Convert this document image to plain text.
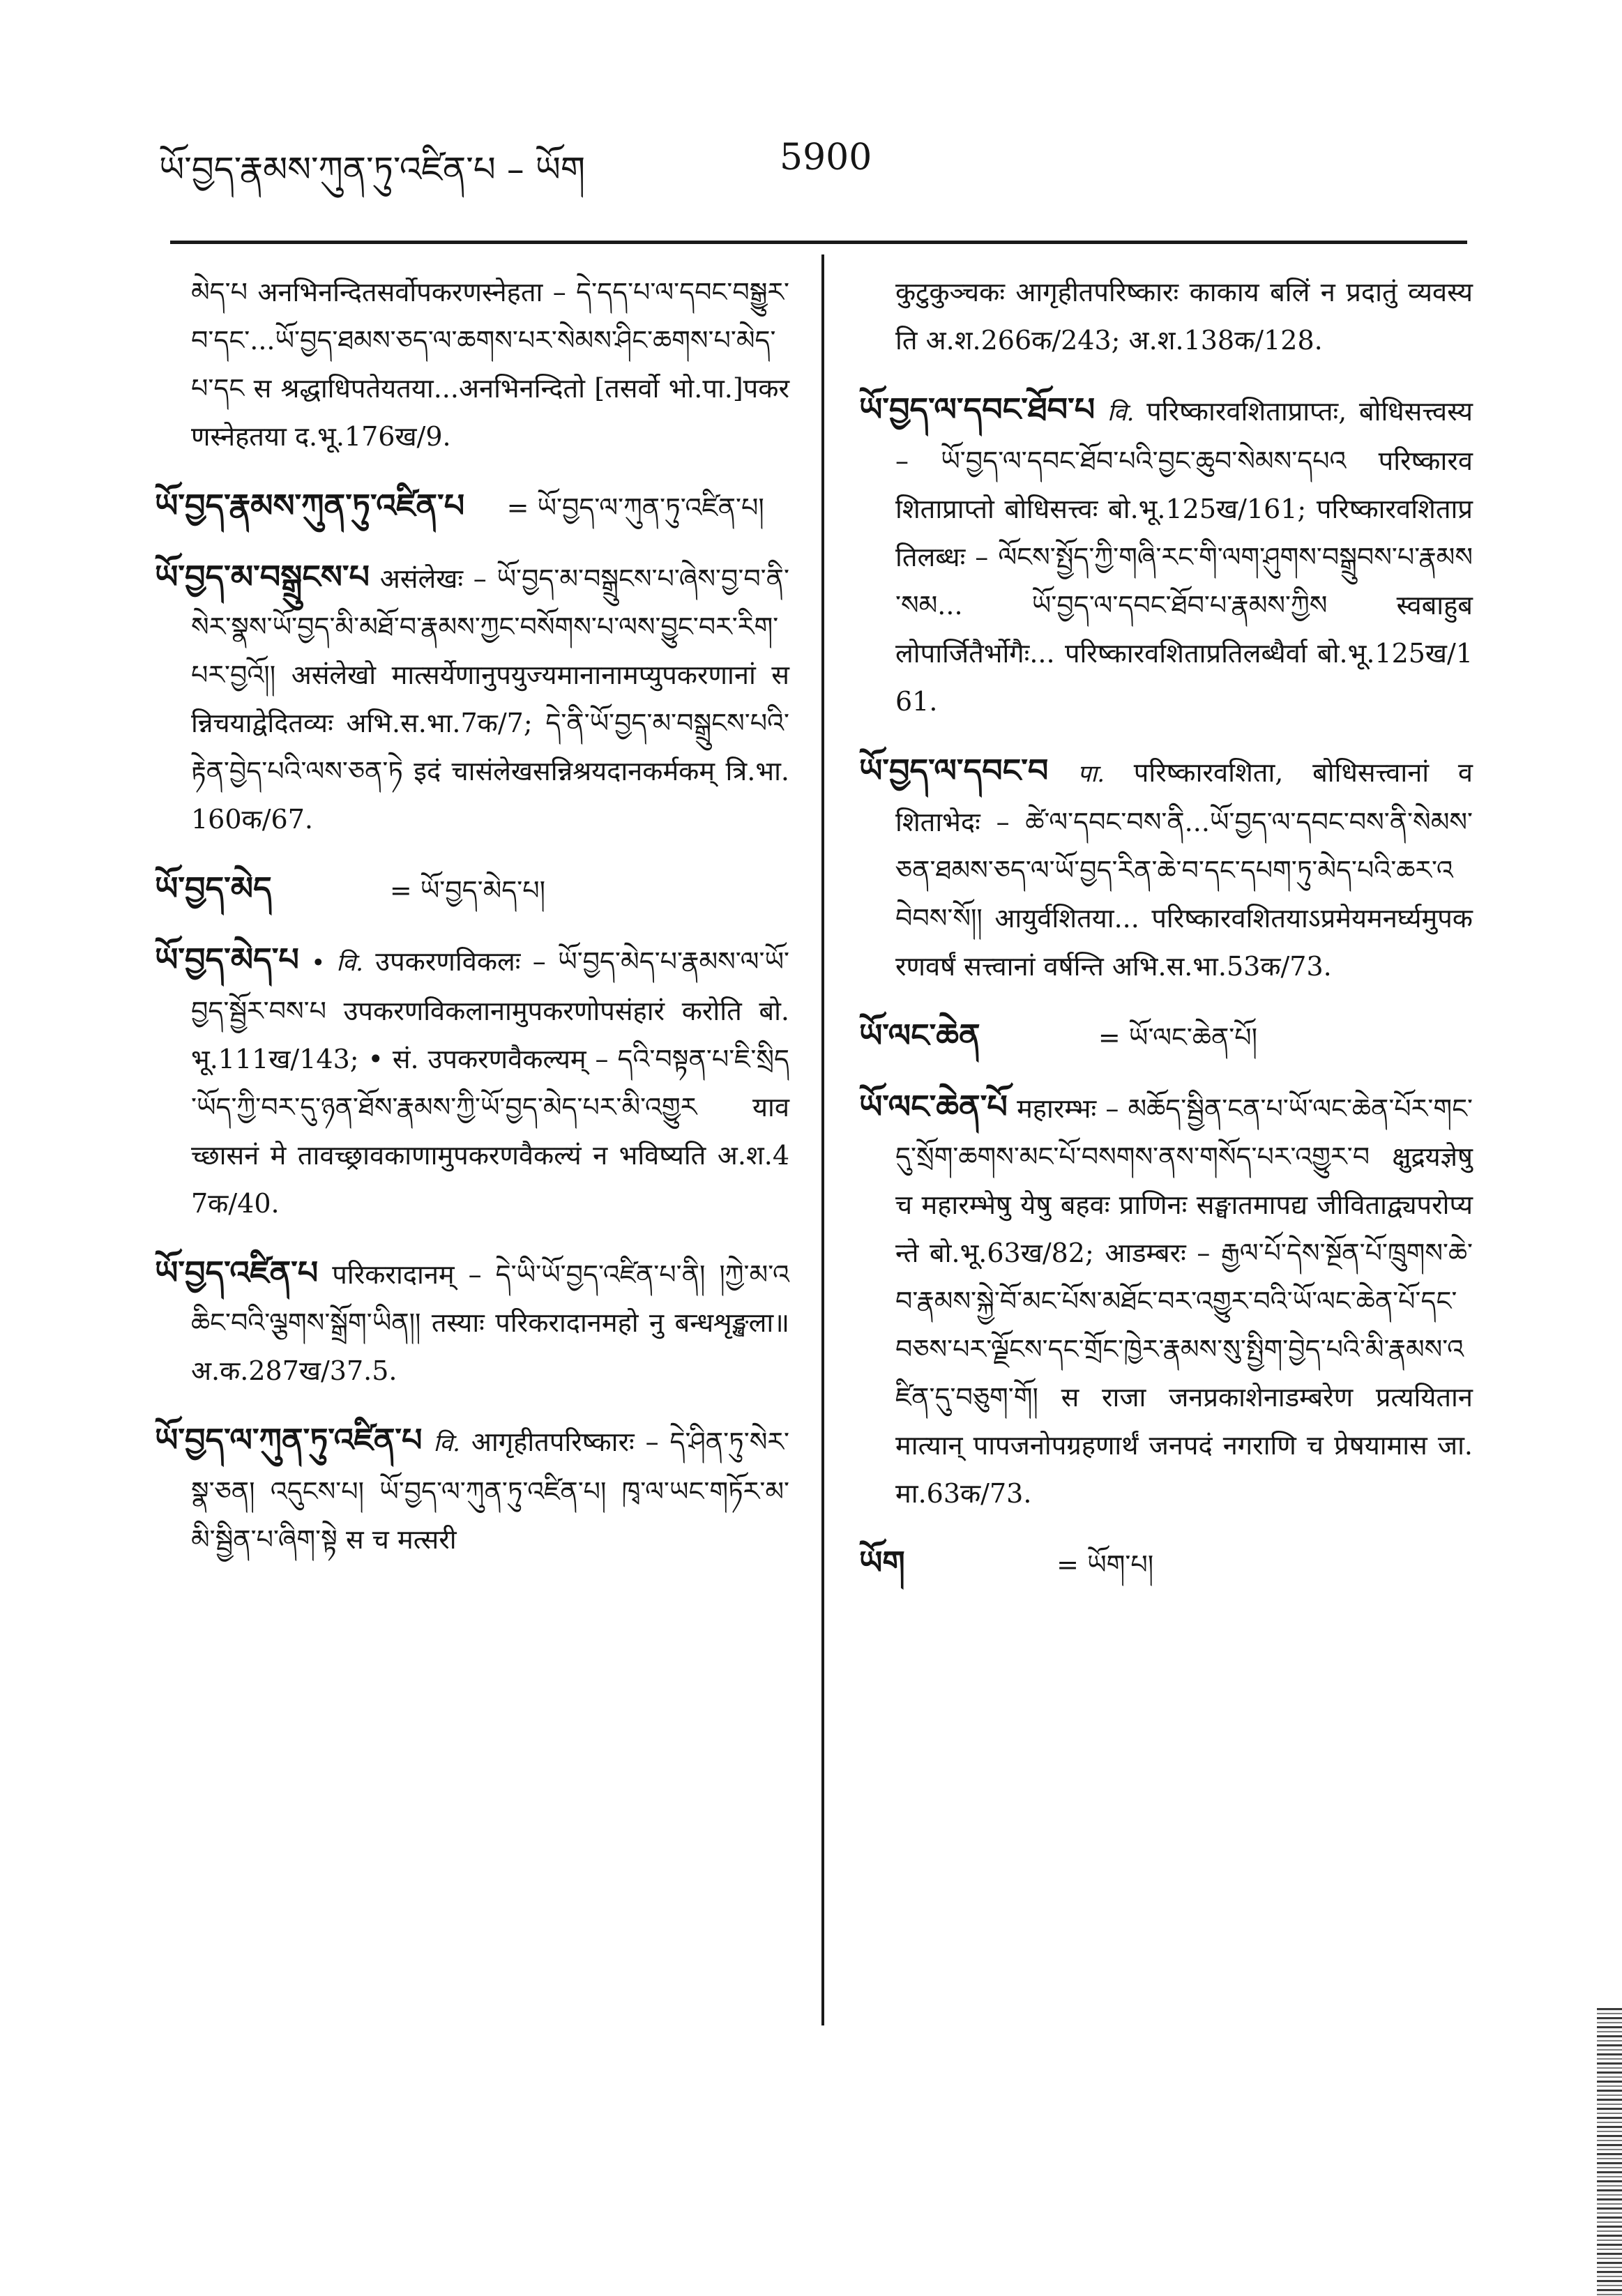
ཡོ་བྱད་རྣམས་ཀུན་ཏུ་འཛིན་པ – ཡོག	5900

མེད་པ अनभिनन्दितसर्वोपकरणस्नेहता – དེ་དད་པ་ལ་དབང་བསྒྱུར་བ་དང་...ཡོ་བྱད་ཐམས་ཅད་ལ་ཆགས་པར་སེམས་ཤིང་ཆགས་པ་མེད་པ་དང स श्रद्धाधिपतेयतया...अनभिनन्दितो [तसर्वो भो.पा.]पकरणस्नेहतया द.भू.176ख/9.

ཡོ་བྱད་རྣམས་ཀུན་ཏུ་འཛིན་པ = ཡོ་བྱད་ལ་ཀུན་ཏུ་འཛིན་པ།

ཡོ་བྱད་མ་བསྒྲུངས་པ असंलेखः – ཡོ་བྱད་མ་བསྒྲུངས་པ་ཞེས་བྱ་བ་ནི་སེར་སྣས་ཡོ་བྱད་མི་མཐོ་བ་རྣམས་ཀྱང་བསོགས་པ་ལས་བྱུང་བར་རིག་པར་བྱའོ།། असंलेखो मात्सर्येणानुपयुज्यमानानामप्युपकरणानां सन्निचयाद्वेदितव्यः अभि.स.भा.7क/7; དེ་ནི་ཡོ་བྱད་མ་བསྒྲུངས་པའི་རྟེན་བྱེད་པའི་ལས་ཅན་ཏེ इदं चासंलेखसन्निश्रयदानकर्मकम् त्रि.भा.160क/67.

ཡོ་བྱད་མེད	= ཡོ་བྱད་མེད་པ།

ཡོ་བྱད་མེད་པ • वि. उपकरणविकलः – ཡོ་བྱད་མེད་པ་རྣམས་ལ་ཡོ་བྱད་སྦྱོར་བས་པ उपकरणविकलानामुपकरणोपसंहारं करोति बो.भू.111ख/143; • सं. उपकरणवैकल्यम् – དའི་བསྟན་པ་ཇི་སྲིད་ཡོད་ཀྱི་བར་དུ་ཉན་ཐོས་རྣམས་ཀྱི་ཡོ་བྱད་མེད་པར་མི་འགྱུར यावच्छासनं मे तावच्छ्रावकाणामुपकरणवैकल्यं न भविष्यति अ.श.47क/40.

ཡོ་བྱད་འཛིན་པ परिकरादानम् – དེ་ཡི་ཡོ་བྱད་འཛིན་པ་ནི། །ཀྱེ་མ་འཆིང་བའི་ལྕགས་སྒྲོག་ཡིན།། तस्याः परिकरादानमहो नु बन्धशृङ्खला॥ अ.क.287ख/37.5.

ཡོ་བྱད་ལ་ཀུན་ཏུ་འཛིན་པ वि. आगृहीतपरिष्कारः – དེ་ཤིན་ཏུ་སེར་སྣ་ཅན། འདུངས་པ། ཡོ་བྱད་ལ་ཀུན་ཏུ་འཛིན་པ། ཁྭ་ལ་ཡང་གཏོར་མ་མི་སྦྱིན་པ་ཞིག་སྟེ स च मत्सरी

कुटुकुञ्चकः आगृहीतपरिष्कारः काकाय बलिं न प्रदातुं व्यवस्यति अ.श.266क/243; अ.श.138क/128.

ཡོ་བྱད་ལ་དབང་ཐོབ་པ वि. परिष्कारवशिताप्राप्तः, बोधिसत्त्वस्य – ཡོ་བྱད་ལ་དབང་ཐོབ་པའི་བྱང་ཆུབ་སེམས་དཔའ परिष्कारवशिताप्राप्तो बोधिसत्त्वः बो.भू.125ख/161; परिष्कारवशिताप्रतिलब्धः – ལོངས་སྤྱོད་ཀྱི་གཞི་རང་གི་ལག་ཤུགས་བསྒྲུབས་པ་རྣམས་སམ... ཡོ་བྱད་ལ་དབང་ཐོབ་པ་རྣམས་ཀྱིས स्वबाहुबलोपार्जितैर्भोगैः... परिष्कारवशिताप्रतिलब्धैर्वा बो.भू.125ख/161.

ཡོ་བྱད་ལ་དབང་བ पा. परिष्कारवशिता, बोधिसत्त्वानां वशिताभेदः – ཚེ་ལ་དབང་བས་ནི...ཡོ་བྱད་ལ་དབང་བས་ནི་སེམས་ཅན་ཐམས་ཅད་ལ་ཡོ་བྱད་རིན་ཆེ་བ་དང་དཔག་ཏུ་མེད་པའི་ཆར་འབེབས་སོ།། आयुर्वशितया... परिष्कारवशितयाऽप्रमेयमनर्घ्यमुपकरणवर्षं सत्त्वानां वर्षन्ति अभि.स.भा.53क/73.

ཡོ་ལང་ཆེན	= ཡོ་ལང་ཆེན་པོ།

ཡོ་ལང་ཆེན་པོ महारम्भः – མཆོད་སྦྱིན་ངན་པ་ཡོ་ལང་ཆེན་པོར་གང་དུ་སྲོག་ཆགས་མང་པོ་བསགས་ནས་གསོད་པར་འགྱུར་བ क्षुद्रयज्ञेषु च महारम्भेषु येषु बहवः प्राणिनः सङ्घातमापद्य जीविताद्व्यपरोप्यन्ते बो.भू.63ख/82; आडम्बरः – རྒྱལ་པོ་དེས་སྔོན་པོ་ཁྲུགས་ཆེ་བ་རྣམས་སྐྱེ་བོ་མང་པོས་མཐོང་བར་འགྱུར་བའི་ཡོ་ལང་ཆེན་པོ་དང་བཅས་པར་ལྗོངས་དང་གྲོང་ཁྱེར་རྣམས་སུ་སྤྱིག་བྱེད་པའི་མི་རྣམས་འཛིན་དུ་བཅུག་གོ། स राजा जनप्रकाशेनाडम्बरेण प्रत्ययितानमात्यान् पापजनोपग्रहणार्थं जनपदं नगराणि च प्रेषयामास जा.मा.63क/73.

ཡོག	= ཡོག་པ།
